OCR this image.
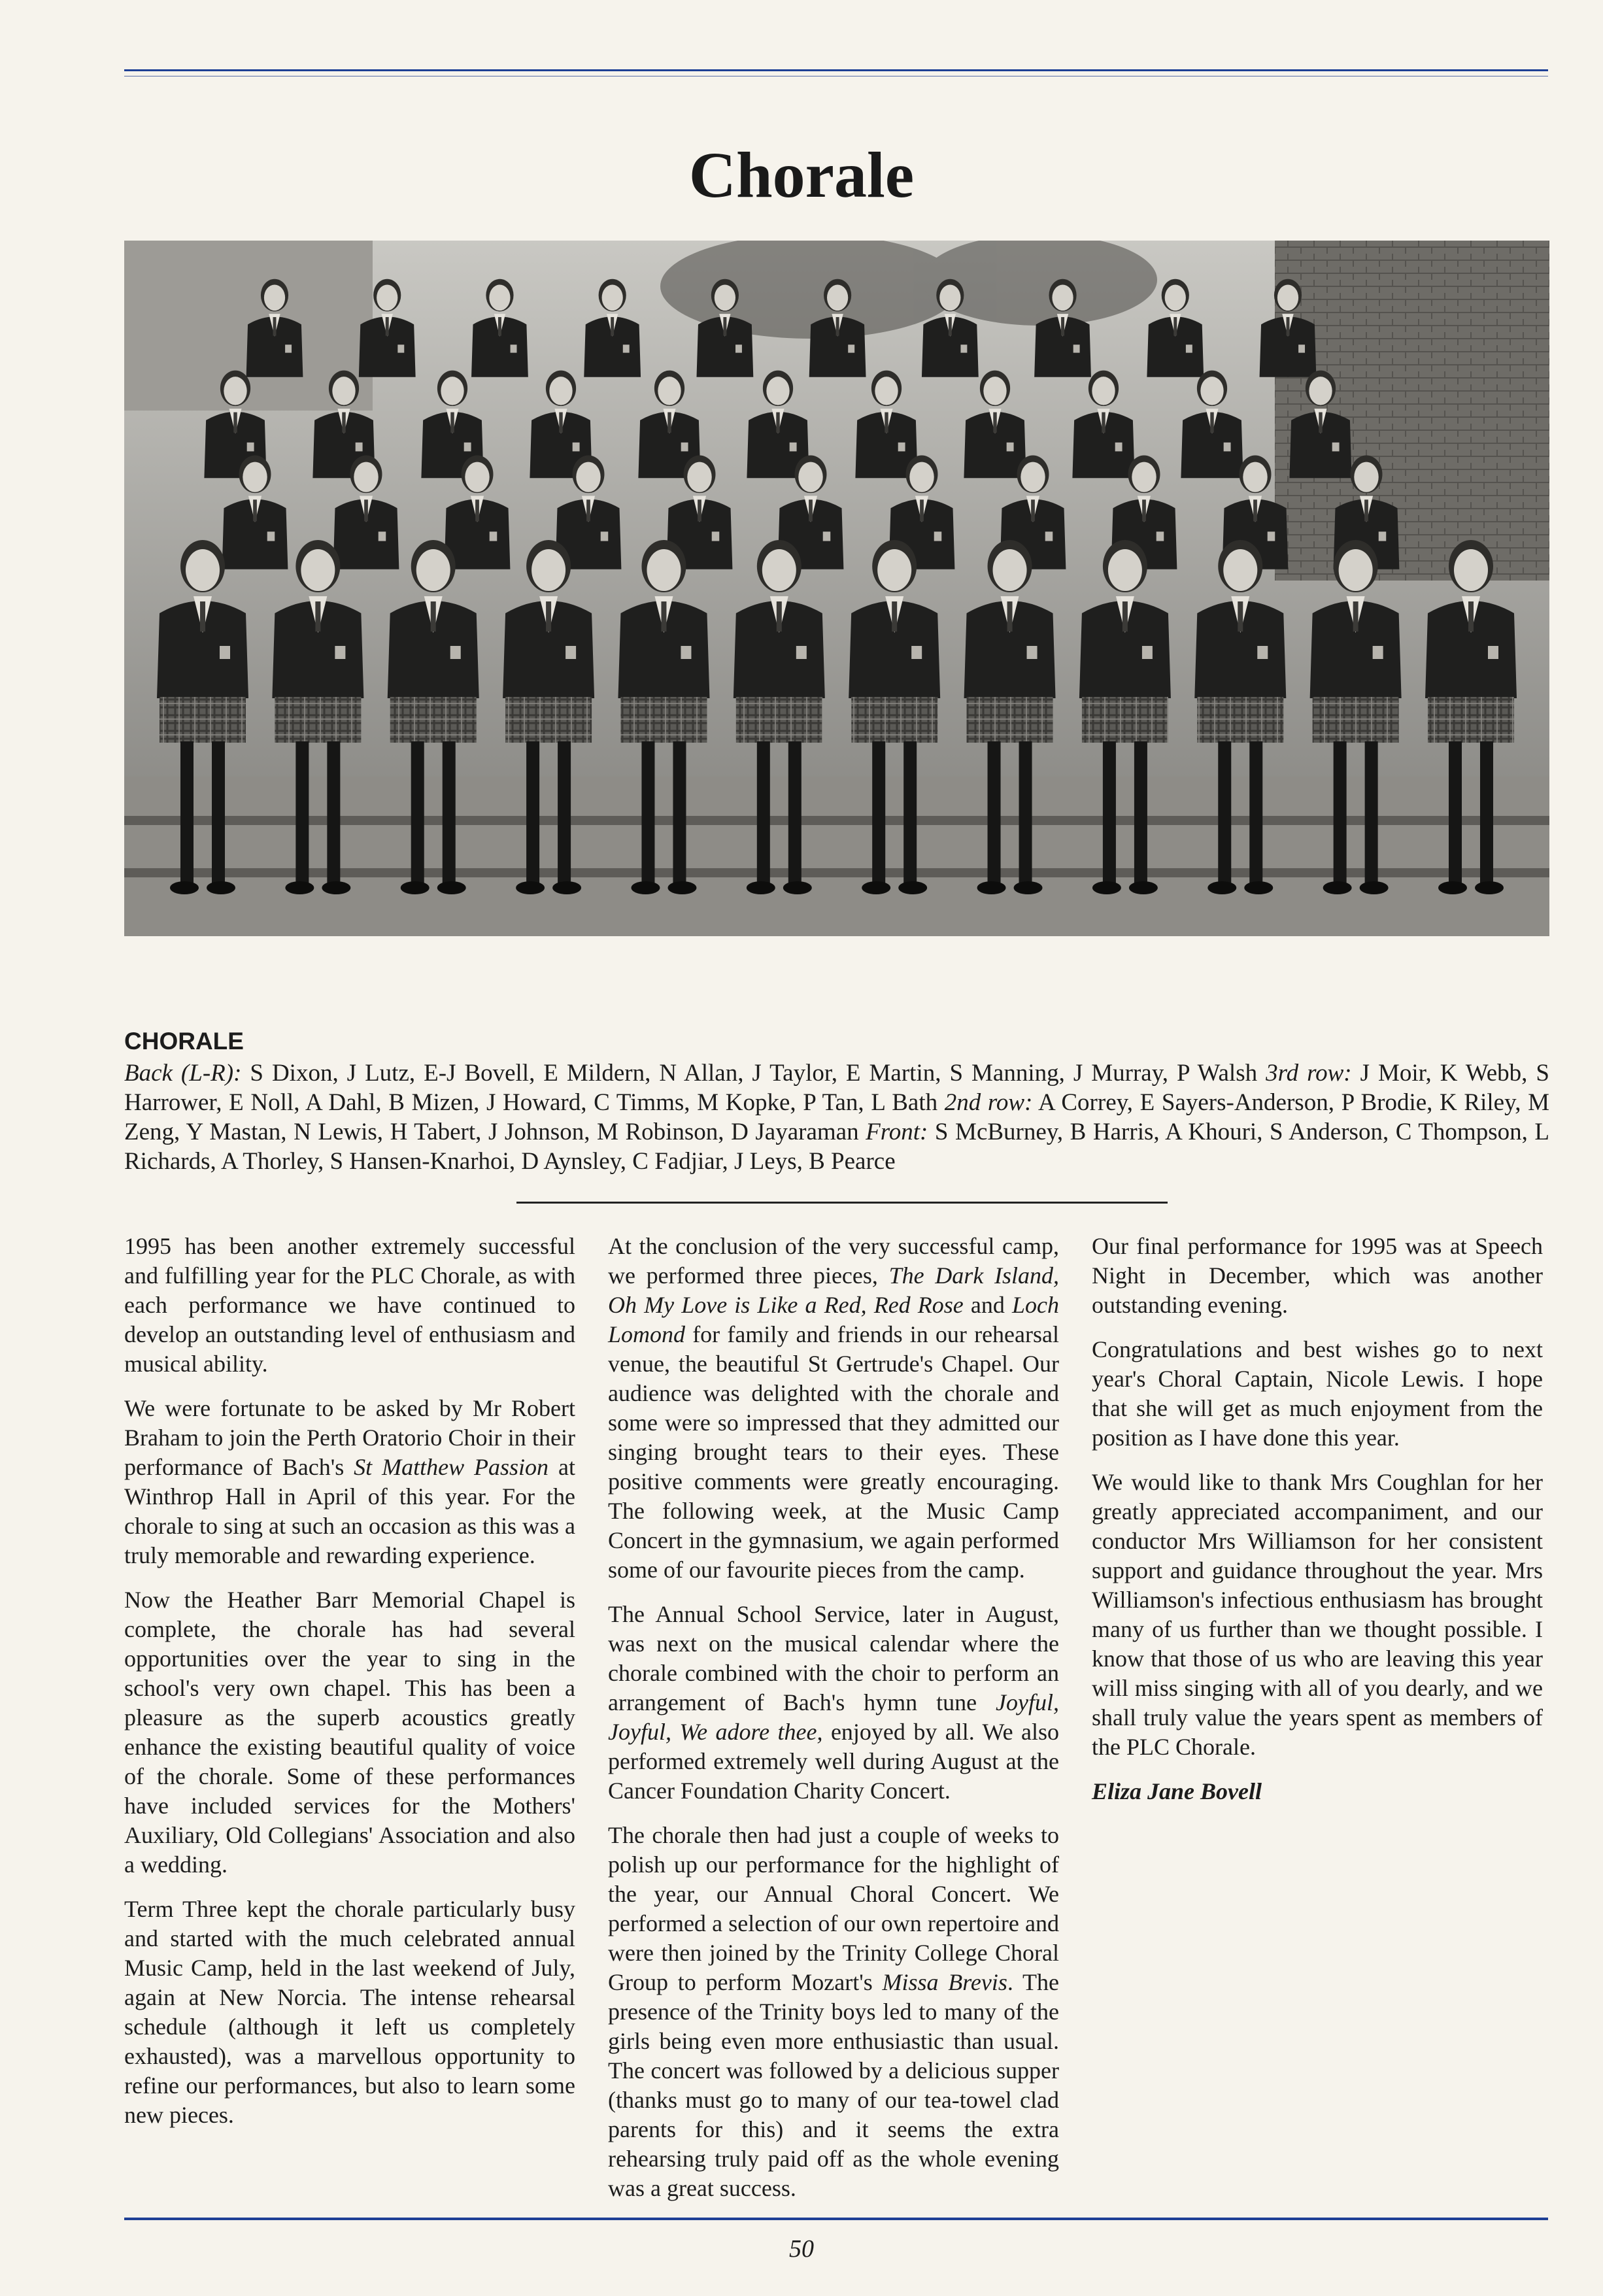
Chorale
CHORALE
Back (L-R): S Dixon, J Lutz, E-J Bovell, E Mildern, N Allan, J Taylor, E Martin, S Manning, J Murray, P Walsh 3rd row: J Moir, K Webb, S Harrower, E Noll, A Dahl, B Mizen, J Howard, C Timms, M Kopke, P Tan, L Bath 2nd row: A Correy, E Sayers-Anderson, P Brodie, K Riley, M Zeng, Y Mastan, N Lewis, H Tabert, J Johnson, M Robinson, D Jayaraman Front: S McBurney, B Harris, A Khouri, S Anderson, C Thompson, L Richards, A Thorley, S Hansen-Knarhoi, D Aynsley, C Fadjiar, J Leys, B Pearce

1995 has been another extremely successful and fulfilling year for the PLC Chorale, as with each performance we have continued to develop an outstanding level of enthusiasm and musical ability.

We were fortunate to be asked by Mr Robert Braham to join the Perth Oratorio Choir in their performance of Bach's St Matthew Passion at Winthrop Hall in April of this year. For the chorale to sing at such an occasion as this was a truly memorable and rewarding experience.

Now the Heather Barr Memorial Chapel is complete, the chorale has had several opportunities over the year to sing in the school's very own chapel. This has been a pleasure as the superb acoustics greatly enhance the existing beautiful quality of voice of the chorale. Some of these performances have included services for the Mothers' Auxiliary, Old Collegians' Association and also a wedding.

Term Three kept the chorale particularly busy and started with the much celebrated annual Music Camp, held in the last weekend of July, again at New Norcia. The intense rehearsal schedule (although it left us completely exhausted), was a marvellous opportunity to refine our performances, but also to learn some new pieces.

At the conclusion of the very successful camp, we performed three pieces, The Dark Island, Oh My Love is Like a Red, Red Rose and Loch Lomond for family and friends in our rehearsal venue, the beautiful St Gertrude's Chapel. Our audience was delighted with the chorale and some were so impressed that they admitted our singing brought tears to their eyes. These positive comments were greatly encouraging. The following week, at the Music Camp Concert in the gymnasium, we again performed some of our favourite pieces from the camp.

The Annual School Service, later in August, was next on the musical calendar where the chorale combined with the choir to perform an arrangement of Bach's hymn tune Joyful, Joyful, We adore thee, enjoyed by all. We also performed extremely well during August at the Cancer Foundation Charity Concert.

The chorale then had just a couple of weeks to polish up our performance for the highlight of the year, our Annual Choral Concert. We performed a selection of our own repertoire and were then joined by the Trinity College Choral Group to perform Mozart's Missa Brevis. The presence of the Trinity boys led to many of the girls being even more enthusiastic than usual. The concert was followed by a delicious supper (thanks must go to many of our tea-towel clad parents for this) and it seems the extra rehearsing truly paid off as the whole evening was a great success.

Our final performance for 1995 was at Speech Night in December, which was another outstanding evening.

Congratulations and best wishes go to next year's Choral Captain, Nicole Lewis. I hope that she will get as much enjoyment from the position as I have done this year.

We would like to thank Mrs Coughlan for her greatly appreciated accompaniment, and our conductor Mrs Williamson for her consistent support and guidance throughout the year. Mrs Williamson's infectious enthusiasm has brought many of us further than we thought possible. I know that those of us who are leaving this year will miss singing with all of you dearly, and we shall truly value the years spent as members of the PLC Chorale.

Eliza Jane Bovell

50
